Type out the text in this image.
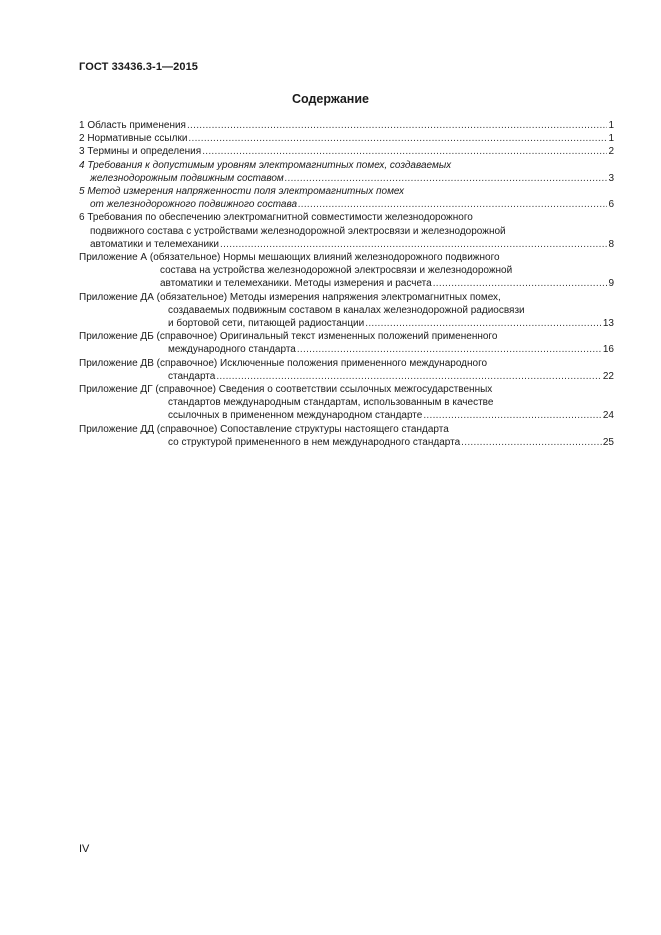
ГОСТ 33436.3-1—2015
Содержание
1 Область применения .....	1
2 Нормативные ссылки .....	1
3 Термины и определения .....	2
4 Требования к допустимым уровням электромагнитных помех, создаваемых
железнодорожным подвижным составом .....	3
5 Метод измерения напряженности поля электромагнитных помех
от железнодорожного подвижного состава .....	6
6 Требования по обеспечению электромагнитной совместимости железнодорожного
подвижного состава с устройствами железнодорожной электросвязи и железнодорожной
автоматики и телемеханики .....	8
Приложение А (обязательное) Нормы мешающих влияний железнодорожного подвижного
состава на устройства железнодорожной электросвязи и железнодорожной
автоматики и телемеханики. Методы измерения и расчета .....	9
Приложение ДА (обязательное) Методы измерения напряжения электромагнитных помех,
создаваемых подвижным составом в каналах железнодорожной радиосвязи
и бортовой сети, питающей радиостанции .....	13
Приложение ДБ (справочное) Оригинальный текст измененных положений примененного
международного стандарта .....	16
Приложение ДВ (справочное) Исключенные положения примененного международного
стандарта .....	22
Приложение ДГ (справочное) Сведения о соответствии ссылочных межгосударственных
стандартов международным стандартам, использованным в качестве
ссылочных в примененном международном стандарте .....	24
Приложение ДД (справочное) Сопоставление структуры настоящего стандарта
со структурой примененного в нем международного стандарта .....	25
IV
